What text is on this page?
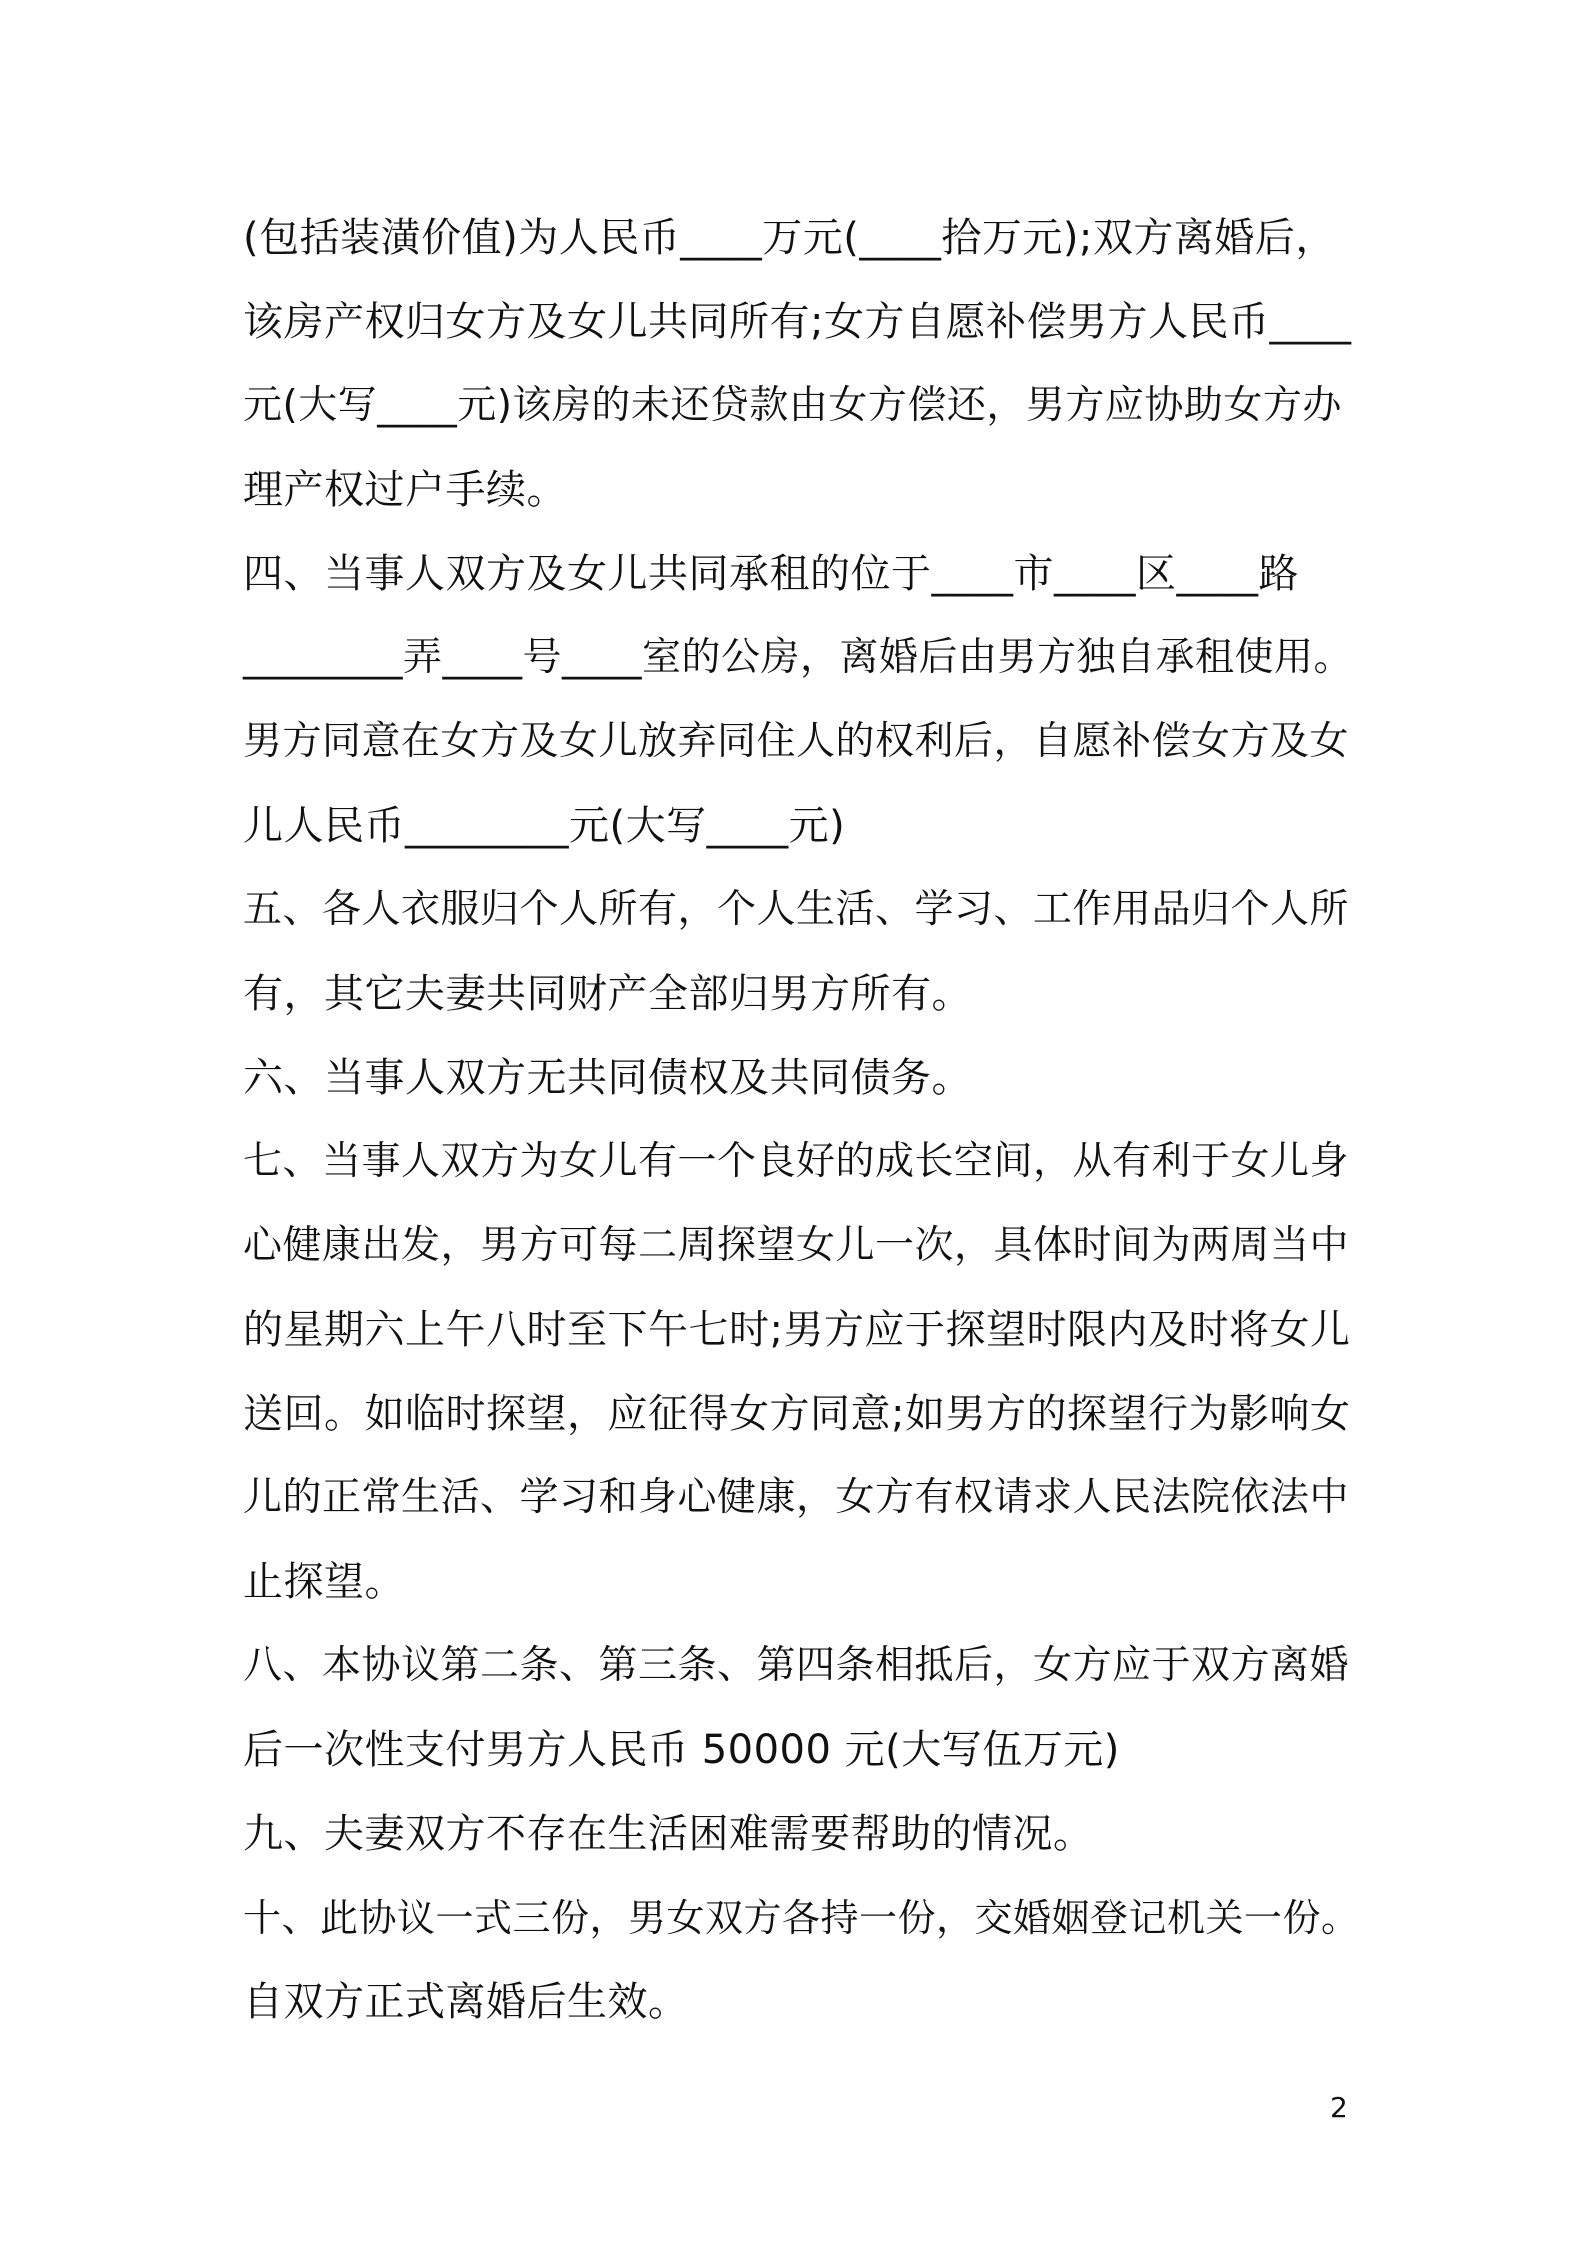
(包括装潢价值)为人民币____万元(____拾万元);双方离婚后，
该房产权归女方及女儿共同所有;女方自愿补偿男方人民币____
元(大写____元)该房的未还贷款由女方偿还，男方应协助女方办
理产权过户手续。
四、当事人双方及女儿共同承租的位于____市____区____路
________弄____号____室的公房，离婚后由男方独自承租使用。
男方同意在女方及女儿放弃同住人的权利后，自愿补偿女方及女
儿人民币________元(大写____元)
五、各人衣服归个人所有，个人生活、学习、工作用品归个人所
有，其它夫妻共同财产全部归男方所有。
六、当事人双方无共同债权及共同债务。
七、当事人双方为女儿有一个良好的成长空间，从有利于女儿身
心健康出发，男方可每二周探望女儿一次，具体时间为两周当中
的星期六上午八时至下午七时;男方应于探望时限内及时将女儿
送回。如临时探望，应征得女方同意;如男方的探望行为影响女
儿的正常生活、学习和身心健康，女方有权请求人民法院依法中
止探望。
八、本协议第二条、第三条、第四条相抵后，女方应于双方离婚
后一次性支付男方人民币 50000 元(大写伍万元)
九、夫妻双方不存在生活困难需要帮助的情况。
十、此协议一式三份，男女双方各持一份，交婚姻登记机关一份。
自双方正式离婚后生效。
2
